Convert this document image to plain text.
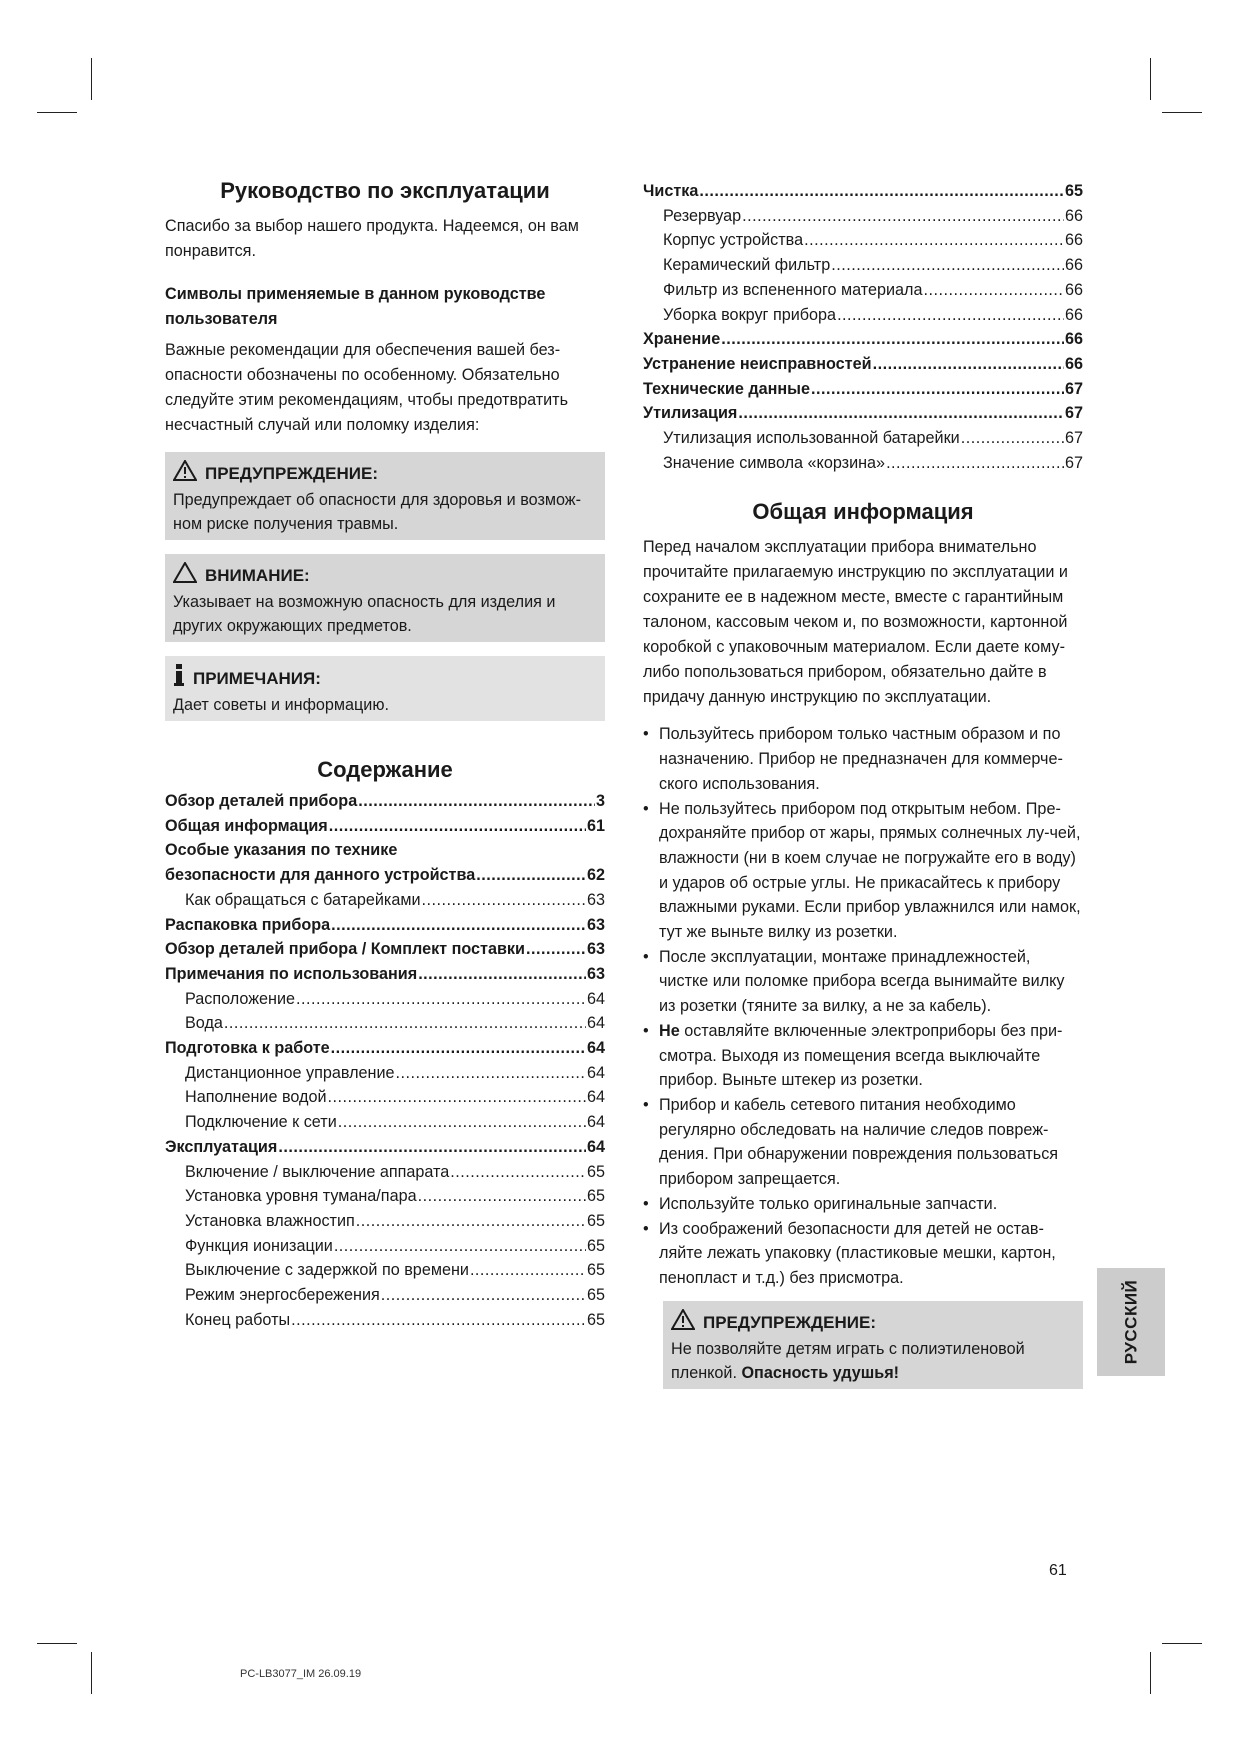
Руководство по эксплуатации

Спасибо за выбор нашего продукта. Надеемся, он вам понравится.

Символы применяемые в данном руководстве пользователя

Важные рекомендации для обеспечения вашей без-опасности обозначены по особенному. Обязательно следуйте этим рекомендациям, чтобы предотвратить несчастный случай или поломку изделия:

ПРЕДУПРЕЖДЕНИЕ:
Предупреждает об опасности для здоровья и возмож-ном риске получения травмы.
ВНИМАНИЕ:
Указывает на возможную опасность для изделия и других окружающих предметов.
ПРИМЕЧАНИЯ:
Дает советы и информацию.
Содержание
Обзор деталей прибора .....	3
Общая информация .....	61
Особые указания по технике
безопасности для данного устройства .....	62
Как обращаться с батарейками .....	63
Распаковка прибора .....	63
Обзор деталей прибора / Комплект поставки .....	63
Примечания по использования .....	63
Расположение .....	64
Вода .....	64
Подготовка к работе .....	64
Дистанционное управление .....	64
Наполнение водой .....	64
Подключение к сети .....	64
Эксплуатация .....	64
Включение / выключение аппарата .....	65
Установка уровня тумана/пара .....	65
Установка влажностип .....	65
Функция ионизации .....	65
Выключение с задержкой по времени .....	65
Режим энергосбережения .....	65
Конец работы .....	65
Чистка .....	65
Резервуар .....	66
Корпус устройства .....	66
Керамический фильтр .....	66
Фильтр из вспененного материала .....	66
Уборка вокруг прибора .....	66
Хранение .....	66
Устранение неисправностей .....	66
Технические данные .....	67
Утилизация .....	67
Утилизация использованной батарейки .....	67
Значение символа «корзина» .....	67
Общая информация

Перед началом эксплуатации прибора внимательно прочитайте прилагаемую инструкцию по эксплуатации и сохраните ее в надежном месте, вместе с гарантийным талоном, кассовым чеком и, по возможности, картонной коробкой с упаковочным материалом. Если даете кому-либо попользоваться прибором, обязательно дайте в придачу данную инструкцию по эксплуатации.

• Пользуйтесь прибором только частным образом и по назначению. Прибор не предназначен для коммерче-ского использования.
• Не пользуйтесь прибором под открытым небом. Пре-дохраняйте прибор от жары, прямых солнечных лу-чей, влажности (ни в коем случае не погружайте его в воду) и ударов об острые углы. Не прикасайтесь к прибору влажными руками. Если прибор увлажнился или намок, тут же выньте вилку из розетки.
• После эксплуатации, монтаже принадлежностей, чистке или поломке прибора всегда вынимайте вилку из розетки (тяните за вилку, а не за кабель).
• Не оставляйте включенные электроприборы без при-смотра. Выходя из помещения всегда выключайте прибор. Выньте штекер из розетки.
• Прибор и кабель сетевого питания необходимо регулярно обследовать на наличие следов повреж-дения. При обнаружении повреждения пользоваться прибором запрещается.
• Используйте только оригинальные запчасти.
• Из соображений безопасности для детей не остав-ляйте лежать упаковку (пластиковые мешки, картон, пенопласт и т.д.) без присмотра.
ПРЕДУПРЕЖДЕНИЕ:
Не позволяйте детям играть с полиэтиленовой пленкой. Опасность удушья!
РУССКИЙ
61
PC-LB3077_IM 26.09.19
